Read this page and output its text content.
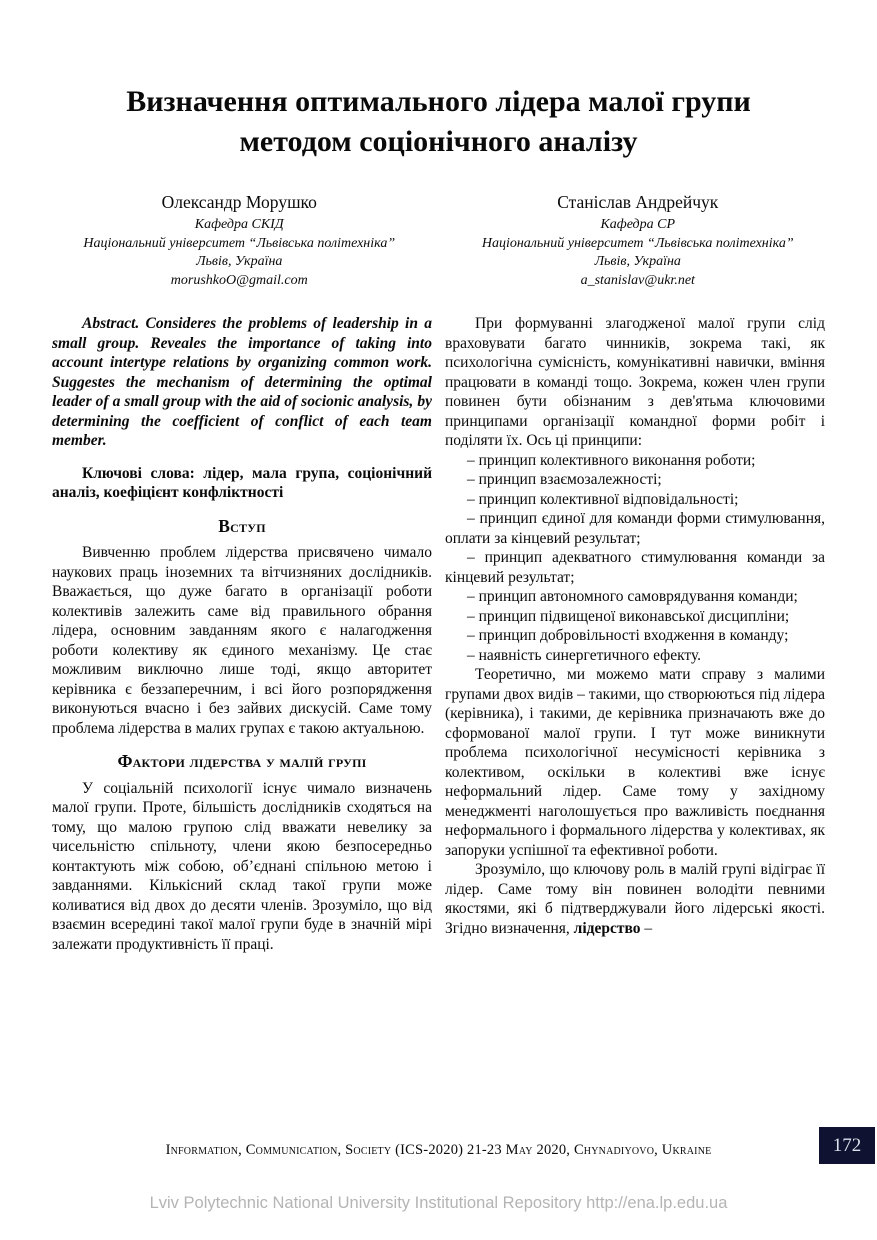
Визначення оптимального лідера малої групи методом соціонічного аналізу
Олександр Морушко
Кафедра СКІД
Національний університет “Львівська політехніка”
Львів, Україна
morushkoO@gmail.com
Станіслав Андрейчук
Кафедра СР
Національний університет “Львівська політехніка”
Львів, Україна
a_stanislav@ukr.net

Abstract. Consideres the problems of leadership in a small group. Reveales the importance of taking into account intertype relations by organizing common work. Suggestes the mechanism of determining the optimal leader of a small group with the aid of socionic analysis, by determining the coefficient of conflict of each team member.

Ключові слова: лідер, мала група, соціонічний аналіз, коефіцієнт конфліктності

Вступ

Вивченню проблем лідерства присвячено чимало наукових праць іноземних та вітчизняних дослідників. Вважається, що дуже багато в організації роботи колективів залежить саме від правильного обрання лідера, основним завданням якого є налагодження роботи колективу як єдиного механізму. Це стає можливим виключно лише тоді, якщо авторитет керівника є беззаперечним, і всі його розпорядження виконуються вчасно і без зайвих дискусій. Саме тому проблема лідерства в малих групах є такою актуальною.

Фактори лідерства у малій групі

У соціальній психології існує чимало визначень малої групи. Проте, більшість дослідників сходяться на тому, що малою групою слід вважати невелику за чисельністю спільноту, члени якою безпосередньо контактують між собою, об’єднані спільною метою і завданнями. Кількісний склад такої групи може коливатися від двох до десяти членів. Зрозуміло, що від взаємин всередині такої малої групи буде в значній мірі залежати продуктивність її праці.

При формуванні злагодженої малої групи слід враховувати багато чинників, зокрема такі, як психологічна сумісність, комунікативні навички, вміння працювати в команді тощо. Зокрема, кожен член групи повинен бути обізнаним з дев'ятьма ключовими принципами організації командної форми робіт і поділяти їх. Ось ці принципи:

– принцип колективного виконання роботи;

– принцип взаємозалежності;

– принцип колективної відповідальності;

– принцип єдиної для команди форми стимулювання, оплати за кінцевий результат;

– принцип адекватного стимулювання команди за кінцевий результат;

– принцип автономного самоврядування команди;

– принцип підвищеної виконавської дисципліни;

– принцип добровільності входження в команду;

– наявність синергетичного ефекту.

Теоретично, ми можемо мати справу з малими групами двох видів – такими, що створюються під лідера (керівника), і такими, де керівника призначають вже до сформованої малої групи. І тут може виникнути проблема психологічної несумісності керівника з колективом, оскільки в колективі вже існує неформальний лідер. Саме тому у західному менеджменті наголошується про важливість поєднання неформального і формального лідерства у колективах, як запоруки успішної та ефективної роботи.

Зрозуміло, що ключову роль в малій групі відіграє її лідер. Саме тому він повинен володіти певними якостями, які б підтверджували його лідерські якості. Згідно визначення, лідерство –

Information, Communication, Society (ICS-2020) 21-23 May 2020, Chynadiyovo, Ukraine	172
Lviv Polytechnic National University Institutional Repository http://ena.lp.edu.ua
